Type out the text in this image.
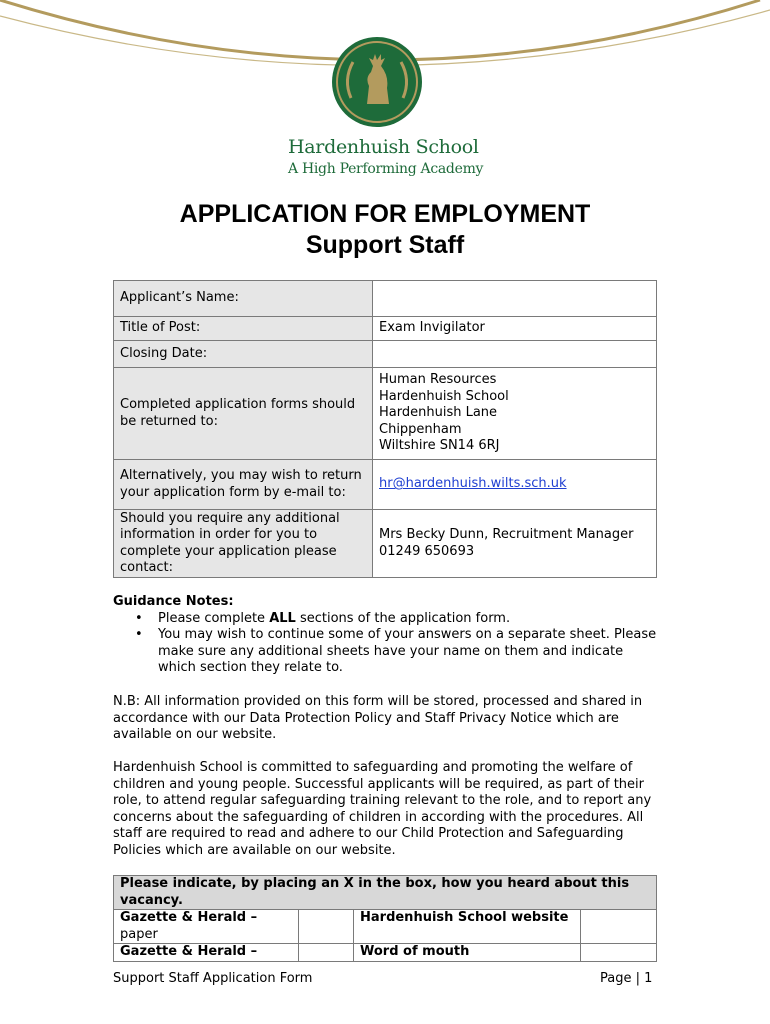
Hardenhuish School
A High Performing Academy
APPLICATION FOR EMPLOYMENT
Support Staff
Applicant’s Name:	
Title of Post:	Exam Invigilator
Closing Date:	
Completed application forms should be returned to:	Human Resources
Hardenhuish School
Hardenhuish Lane
Chippenham
Wiltshire SN14 6RJ

Alternatively, you may wish to return your application form by e-mail to:	hr@hardenhuish.wilts.sch.uk
Should you require any additional information in order for you to complete your application please contact:	Mrs Becky Dunn, Recruitment Manager 01249 650693
Guidance Notes:
• Please complete ALL sections of the application form.
• You may wish to continue some of your answers on a separate sheet. Please make sure any additional sheets have your name on them and indicate which section they relate to.

N.B: All information provided on this form will be stored, processed and shared in accordance with our Data Protection Policy and Staff Privacy Notice which are available on our website.

Hardenhuish School is committed to safeguarding and promoting the welfare of children and young people. Successful applicants will be required, as part of their role, to attend regular safeguarding training relevant to the role, and to report any concerns about the safeguarding of children in according with the procedures. All staff are required to read and adhere to our Child Protection and Safeguarding Policies which are available on our website.

Please indicate, by placing an X in the box, how you heard about this vacancy.			
Gazette & Herald –
paper		Hardenhuish School website	
Gazette & Herald –		Word of mouth	
Support Staff Application Form	Page | 1
